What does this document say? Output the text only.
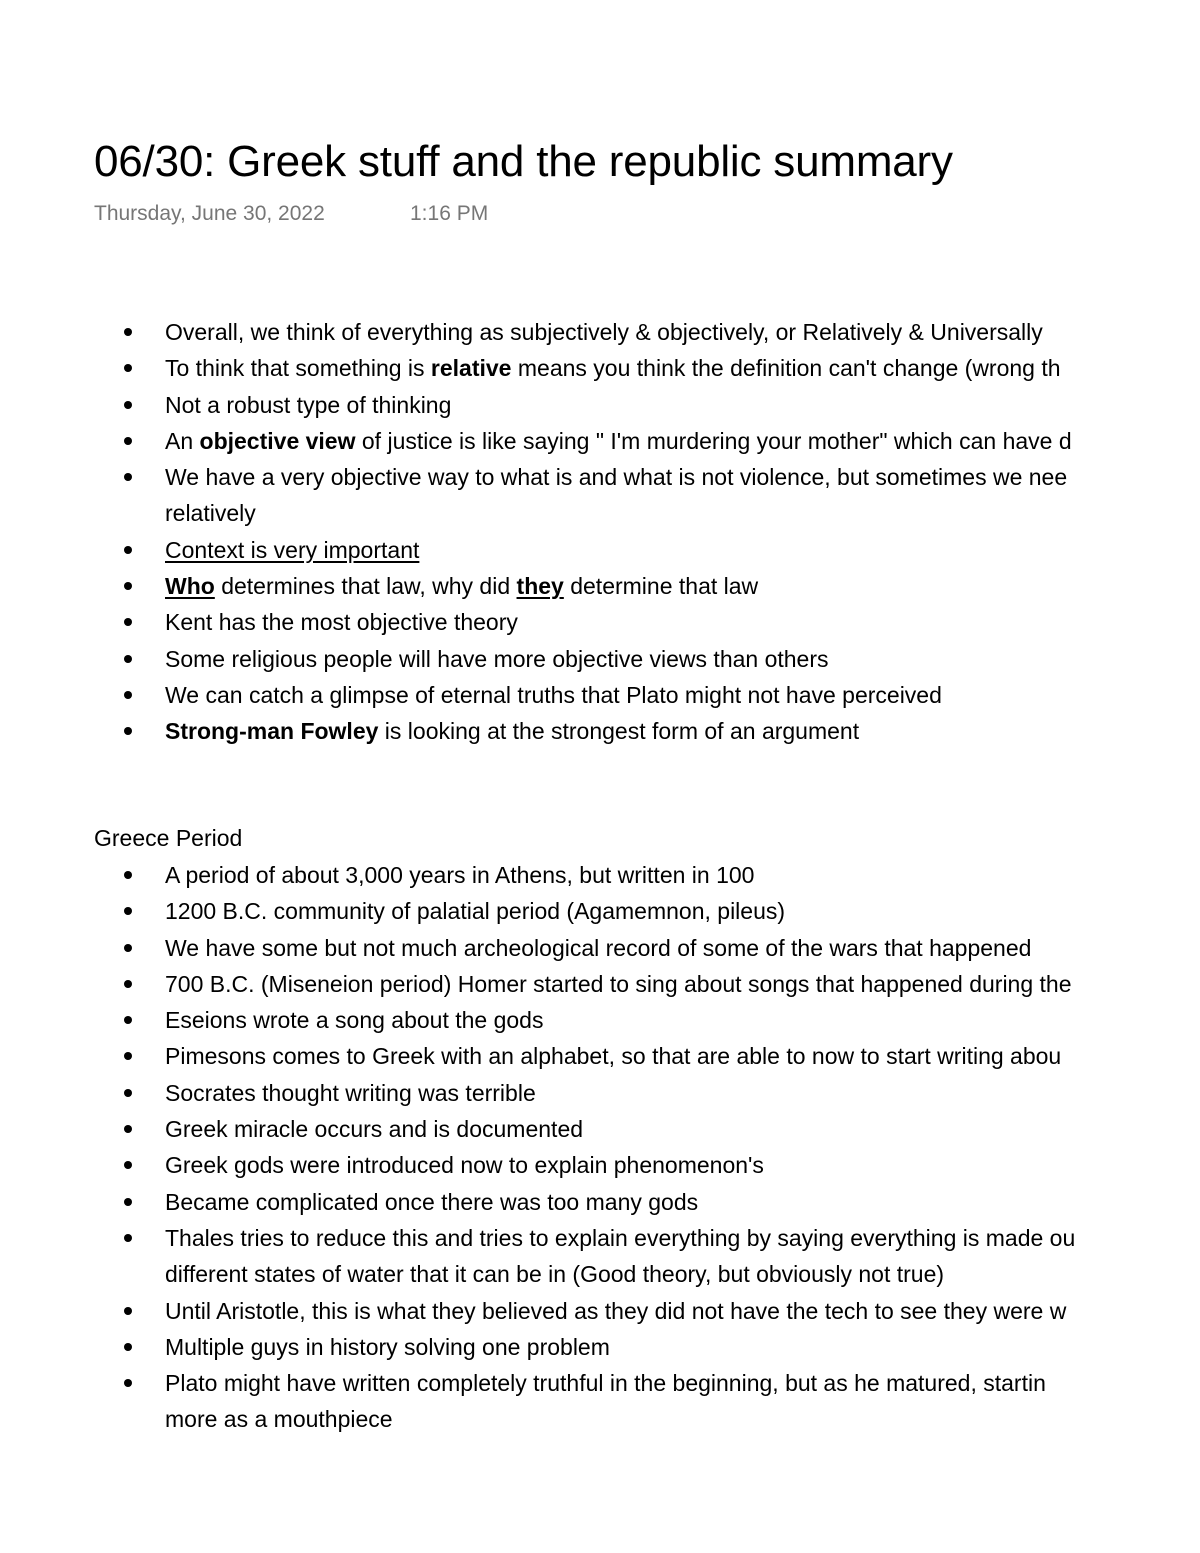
06/30: Greek stuff and the republic summary
Thursday, June 30, 2022	1:16 PM
Overall, we think of everything as subjectively & objectively, or Relatively & Universally
To think that something is relative means you think the definition can't change (wrong th
Not a robust type of thinking
An objective view of justice is like saying " I'm murdering your mother" which can have d
We have a very objective way to what is and what is not violence, but sometimes we nee
relatively
Context is very important
Who determines that law, why did they determine that law
Kent has the most objective theory
Some religious people will have more objective views than others
We can catch a glimpse of eternal truths that Plato might not have perceived
Strong-man Fowley is looking at the strongest form of an argument
Greece Period
A period of about 3,000 years in Athens, but written in 100
1200 B.C. community of palatial period (Agamemnon, pileus)
We have some but not much archeological record of some of the wars that happened
700 B.C. (Miseneion period) Homer started to sing about songs that happened during the
Eseions wrote a song about the gods
Pimesons comes to Greek with an alphabet, so that are able to now to start writing abou
Socrates thought writing was terrible
Greek miracle occurs and is documented
Greek gods were introduced now to explain phenomenon's
Became complicated once there was too many gods
Thales tries to reduce this and tries to explain everything by saying everything is made ou
different states of water that it can be in (Good theory, but obviously not true)
Until Aristotle, this is what they believed as they did not have the tech to see they were w
Multiple guys in history solving one problem
Plato might have written completely truthful in the beginning, but as he matured, startin
more as a mouthpiece
